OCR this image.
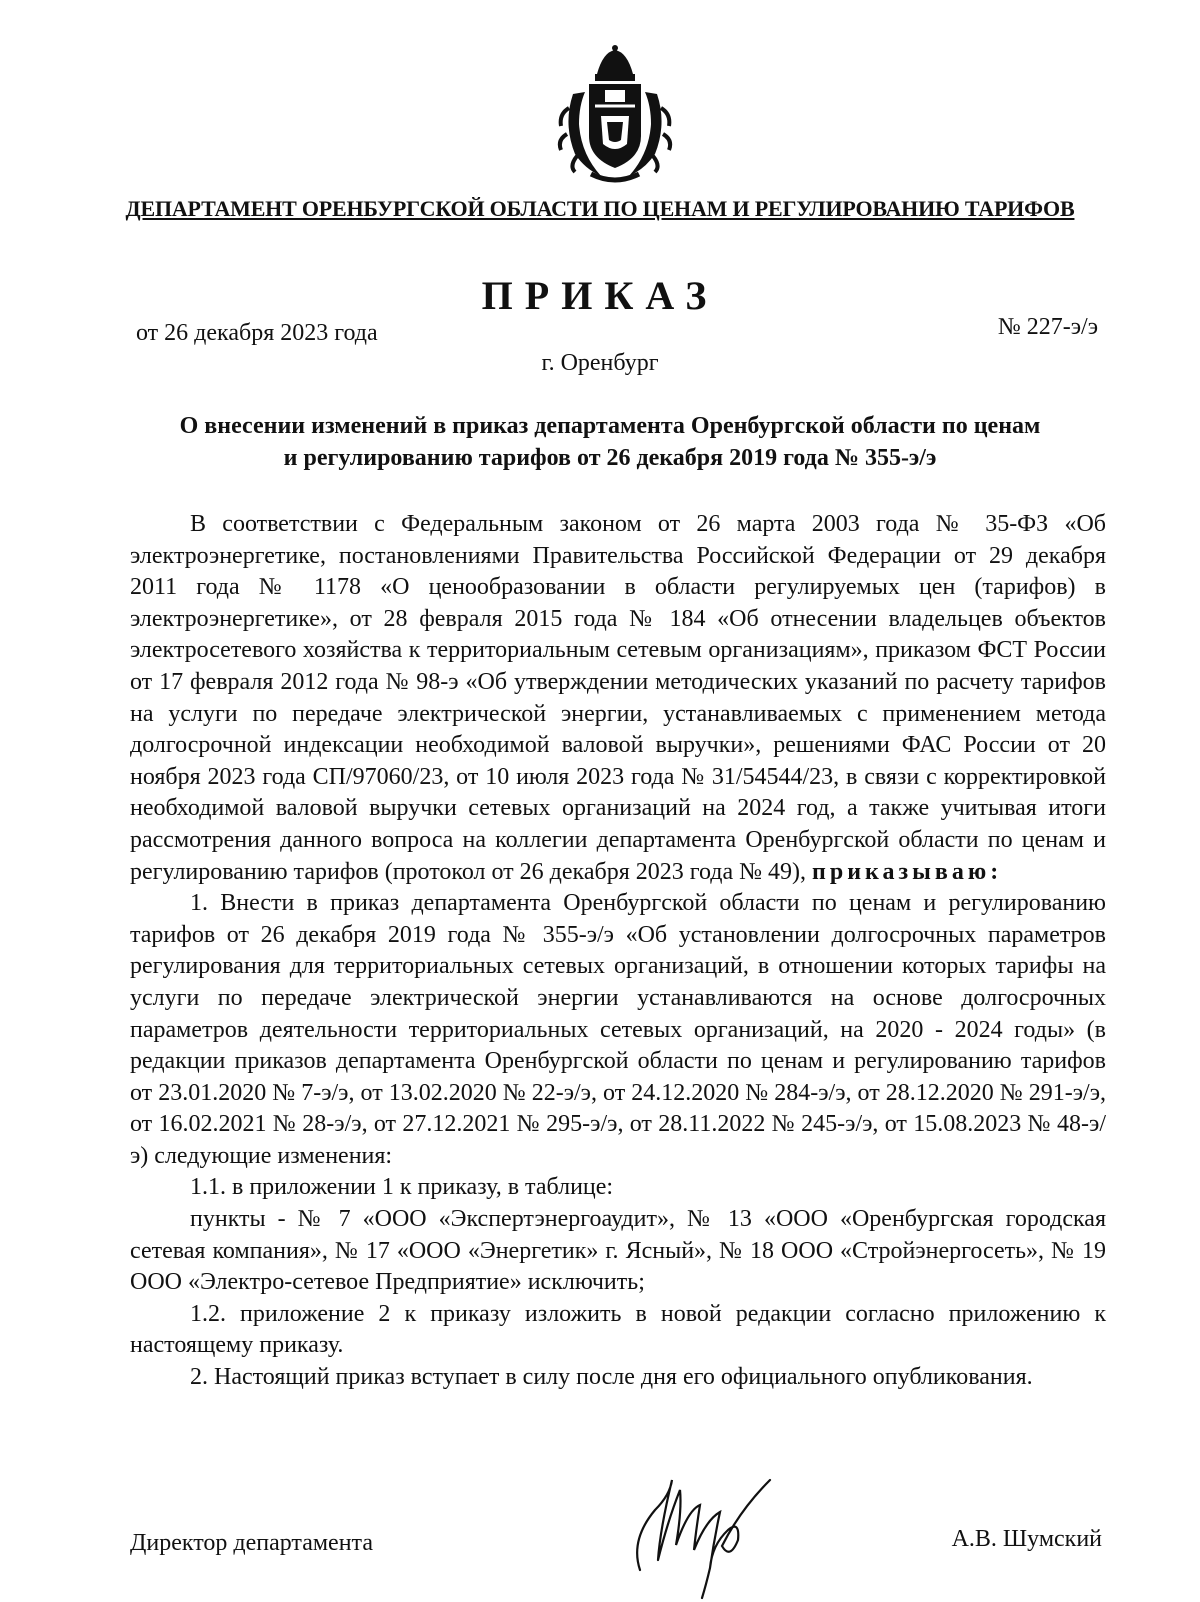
ДЕПАРТАМЕНТ ОРЕНБУРГСКОЙ ОБЛАСТИ ПО ЦЕНАМ И РЕГУЛИРОВАНИЮ ТАРИФОВ
ПРИКАЗ
от 26 декабря 2023 года	№ 227-э/э
г. Оренбург
О внесении изменений в приказ департамента Оренбургской области по ценам
и регулированию тарифов от 26 декабря 2019 года № 355-э/э

В соответствии с Федеральным законом от 26 марта 2003 года № 35-ФЗ «Об электроэнергетике, постановлениями Правительства Российской Федерации от 29 декабря 2011 года № 1178 «О ценообразовании в области регулируемых цен (тарифов) в электроэнергетике», от 28 февраля 2015 года № 184 «Об отнесении владельцев объектов электросетевого хозяйства к территориальным сетевым организациям», приказом ФСТ России от 17 февраля 2012 года № 98-э «Об утверждении методических указаний по расчету тарифов на услуги по передаче электрической энергии, устанавливаемых с применением метода долгосрочной индексации необходимой валовой выручки», решениями ФАС России от 20 ноября 2023 года СП/97060/23, от 10 июля 2023 года № 31/54544/23, в связи с корректировкой необходимой валовой выручки сетевых организаций на 2024 год, а также учитывая итоги рассмотрения данного вопроса на коллегии департамента Оренбургской области по ценам и регулированию тарифов (протокол от 26 декабря 2023 года № 49), приказываю:

1. Внести в приказ департамента Оренбургской области по ценам и регулированию тарифов от 26 декабря 2019 года № 355-э/э «Об установлении долгосрочных параметров регулирования для территориальных сетевых организаций, в отношении которых тарифы на услуги по передаче электрической энергии устанавливаются на основе долгосрочных параметров деятельности территориальных сетевых организаций, на 2020 - 2024 годы» (в редакции приказов департамента Оренбургской области по ценам и регулированию тарифов от 23.01.2020 № 7-э/э, от 13.02.2020 № 22-э/э, от 24.12.2020 № 284-э/э, от 28.12.2020 № 291-э/э, от 16.02.2021 № 28-э/э, от 27.12.2021 № 295-э/э, от 28.11.2022 № 245-э/э, от 15.08.2023 № 48-э/э) следующие изменения:

1.1. в приложении 1 к приказу, в таблице:

пункты - № 7 «ООО «Экспертэнергоаудит», № 13 «ООО «Оренбургская городская сетевая компания», № 17 «ООО «Энергетик» г. Ясный», № 18 ООО «Стройэнергосеть», № 19 ООО «Электро-сетевое Предприятие» исключить;

1.2. приложение 2 к приказу изложить в новой редакции согласно приложению к настоящему приказу.

2. Настоящий приказ вступает в силу после дня его официального опубликования.

Директор департамента	А.В. Шумский
